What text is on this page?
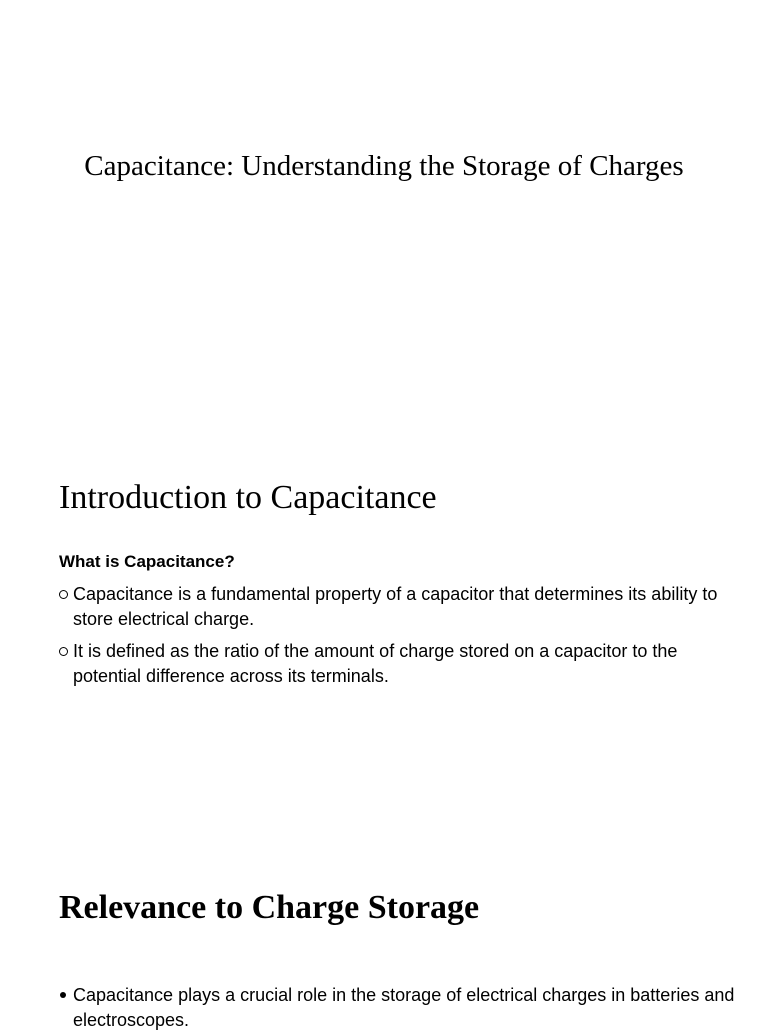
Capacitance: Understanding the Storage of Charges
Introduction to Capacitance
What is Capacitance?
Capacitance is a fundamental property of a capacitor that determines its ability to store electrical charge.
It is defined as the ratio of the amount of charge stored on a capacitor to the potential difference across its terminals.
Relevance to Charge Storage
Capacitance plays a crucial role in the storage of electrical charges in batteries and electroscopes.
